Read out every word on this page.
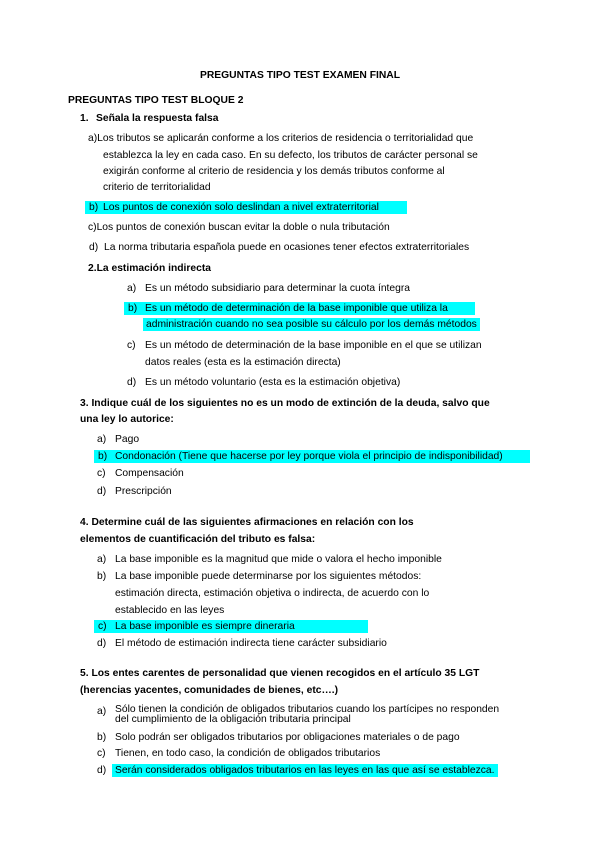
PREGUNTAS TIPO TEST EXAMEN FINAL
PREGUNTAS TIPO TEST BLOQUE 2
1. Señala la respuesta falsa
a)Los tributos se aplicarán conforme a los criterios de residencia o territorialidad que
establezca la ley en cada caso. En su defecto, los tributos de carácter personal se
exigirán conforme al criterio de residencia y los demás tributos conforme al
criterio de territorialidad
b) Los puntos de conexión solo deslindan a nivel extraterritorial
c)Los puntos de conexión buscan evitar la doble o nula tributación
d) La norma tributaria española puede en ocasiones tener efectos extraterritoriales
2.La estimación indirecta
a) Es un método subsidiario para determinar la cuota íntegra
b) Es un método de determinación de la base imponible que utiliza la
administración cuando no sea posible su cálculo por los demás métodos
c) Es un método de determinación de la base imponible en el que se utilizan
datos reales (esta es la estimación directa)
d) Es un método voluntario (esta es la estimación objetiva)
3. Indique cuál de los siguientes no es un modo de extinción de la deuda, salvo que
una ley lo autorice:
a) Pago
b) Condonación (Tiene que hacerse por ley porque viola el principio de indisponibilidad)
c) Compensación
d) Prescripción
4. Determine cuál de las siguientes afirmaciones en relación con los
elementos de cuantificación del tributo es falsa:
a) La base imponible es la magnitud que mide o valora el hecho imponible
b) La base imponible puede determinarse por los siguientes métodos:
estimación directa, estimación objetiva o indirecta, de acuerdo con lo
establecido en las leyes
c) La base imponible es siempre dineraria
d) El método de estimación indirecta tiene carácter subsidiario
5. Los entes carentes de personalidad que vienen recogidos en el artículo 35 LGT
(herencias yacentes, comunidades de bienes, etc….)
a) Sólo tienen la condición de obligados tributarios cuando los partícipes no responden
del cumplimiento de la obligación tributaria principal
b) Solo podrán ser obligados tributarios por obligaciones materiales o de pago
c) Tienen, en todo caso, la condición de obligados tributarios
d) Serán considerados obligados tributarios en las leyes en las que así se establezca.
